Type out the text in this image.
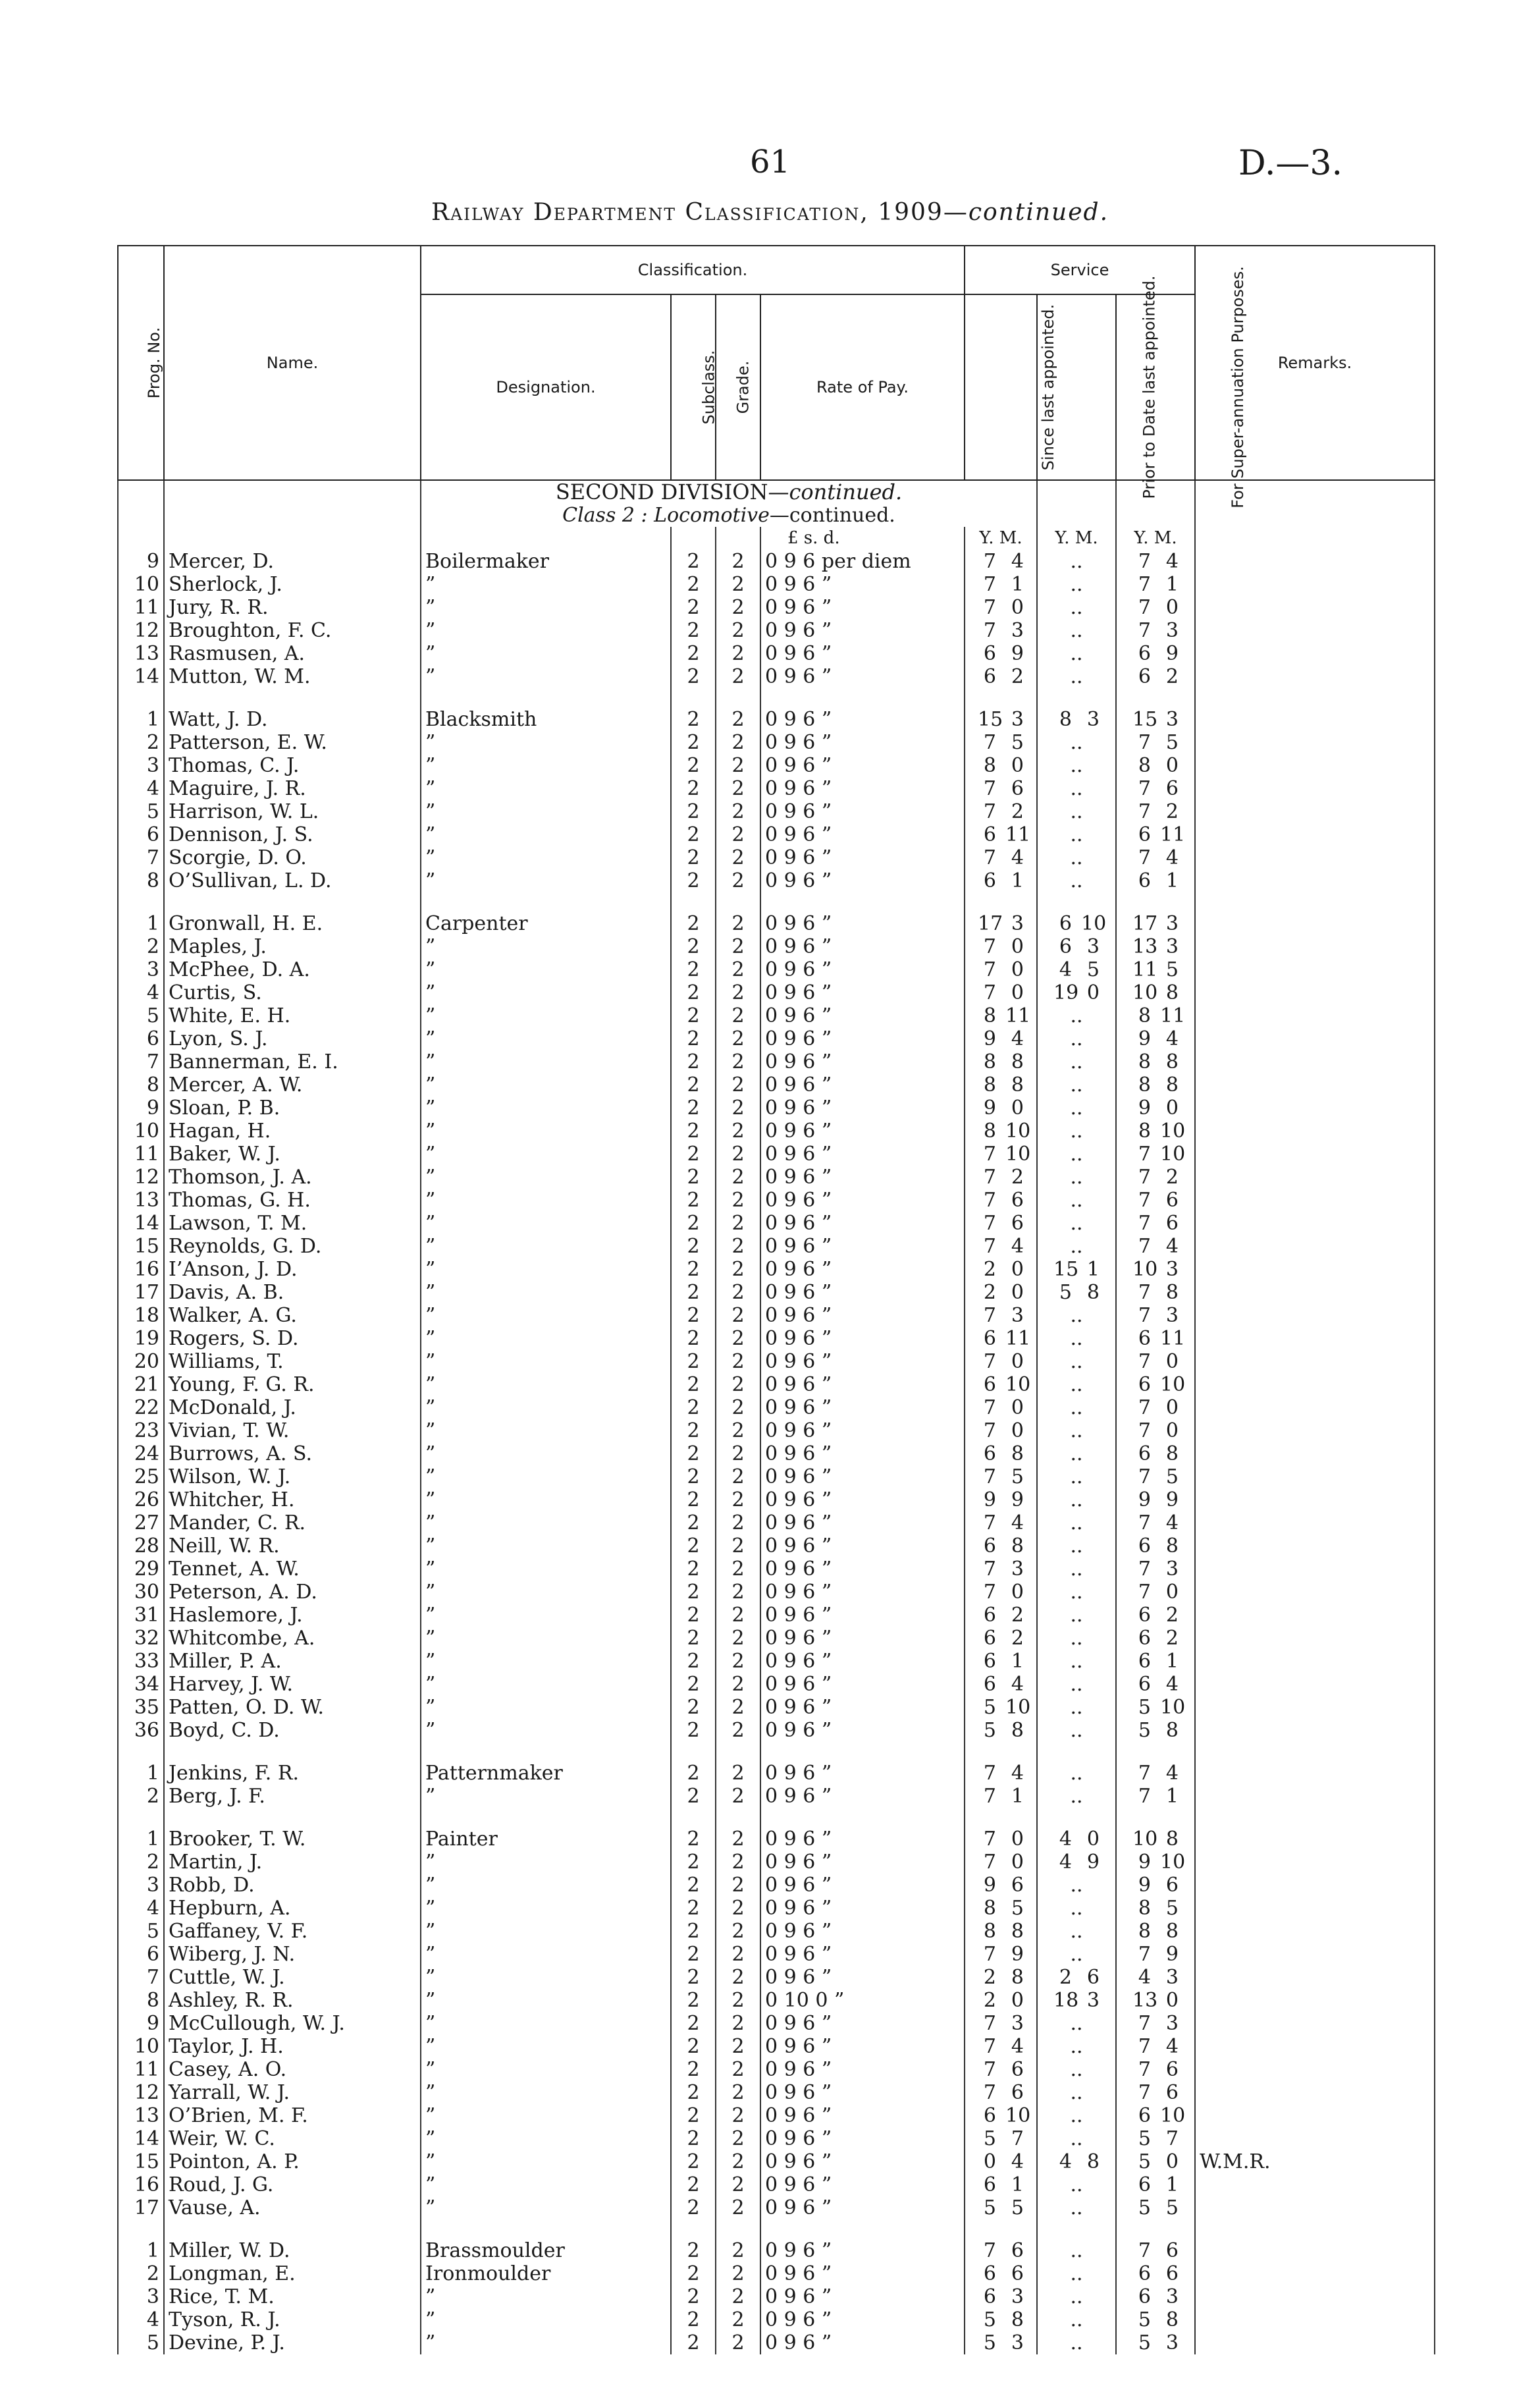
61	D.—3.
Railway Department Classification, 1909—continued.
Prog. No.	Name.	Classification.				Service			Remarks.
		Designation.	Subclass.	Grade.	Rate of Pay.	Since last appointed.	Prior to Date last appointed.	For Super-annuation Purposes.	
		SECOND DIVISION—continued.							
		Class 2 : Locomotive—continued.							
					£ s. d.	Y. M.	Y. M.	Y. M.	
9	Mercer, D.	Boilermaker	2	2	0 9 6 per diem	7 4	..	7 4	
10	Sherlock, J.	”	2	2	0 9 6 ”	7 1	..	7 1	
11	Jury, R. R.	”	2	2	0 9 6 ”	7 0	..	7 0	
12	Broughton, F. C.	”	2	2	0 9 6 ”	7 3	..	7 3	
13	Rasmusen, A.	”	2	2	0 9 6 ”	6 9	..	6 9	
14	Mutton, W. M.	”	2	2	0 9 6 ”	6 2	..	6 2	

1	Watt, J. D.	Blacksmith	2	2	0 9 6 ”	15 3	8 3	15 3	
2	Patterson, E. W.	”	2	2	0 9 6 ”	7 5	..	7 5	
3	Thomas, C. J.	”	2	2	0 9 6 ”	8 0	..	8 0	
4	Maguire, J. R.	”	2	2	0 9 6 ”	7 6	..	7 6	
5	Harrison, W. L.	”	2	2	0 9 6 ”	7 2	..	7 2	
6	Dennison, J. S.	”	2	2	0 9 6 ”	6 11	..	6 11	
7	Scorgie, D. O.	”	2	2	0 9 6 ”	7 4	..	7 4	
8	O’Sullivan, L. D.	”	2	2	0 9 6 ”	6 1	..	6 1	

1	Gronwall, H. E.	Carpenter	2	2	0 9 6 ”	17 3	6 10	17 3	
2	Maples, J.	”	2	2	0 9 6 ”	7 0	6 3	13 3	
3	McPhee, D. A.	”	2	2	0 9 6 ”	7 0	4 5	11 5	
4	Curtis, S.	”	2	2	0 9 6 ”	7 0	19 0	10 8	
5	White, E. H.	”	2	2	0 9 6 ”	8 11	..	8 11	
6	Lyon, S. J.	”	2	2	0 9 6 ”	9 4	..	9 4	
7	Bannerman, E. I.	”	2	2	0 9 6 ”	8 8	..	8 8	
8	Mercer, A. W.	”	2	2	0 9 6 ”	8 8	..	8 8	
9	Sloan, P. B.	”	2	2	0 9 6 ”	9 0	..	9 0	
10	Hagan, H.	”	2	2	0 9 6 ”	8 10	..	8 10	
11	Baker, W. J.	”	2	2	0 9 6 ”	7 10	..	7 10	
12	Thomson, J. A.	”	2	2	0 9 6 ”	7 2	..	7 2	
13	Thomas, G. H.	”	2	2	0 9 6 ”	7 6	..	7 6	
14	Lawson, T. M.	”	2	2	0 9 6 ”	7 6	..	7 6	
15	Reynolds, G. D.	”	2	2	0 9 6 ”	7 4	..	7 4	
16	I’Anson, J. D.	”	2	2	0 9 6 ”	2 0	15 1	10 3	
17	Davis, A. B.	”	2	2	0 9 6 ”	2 0	5 8	7 8	
18	Walker, A. G.	”	2	2	0 9 6 ”	7 3	..	7 3	
19	Rogers, S. D.	”	2	2	0 9 6 ”	6 11	..	6 11	
20	Williams, T.	”	2	2	0 9 6 ”	7 0	..	7 0	
21	Young, F. G. R.	”	2	2	0 9 6 ”	6 10	..	6 10	
22	McDonald, J.	”	2	2	0 9 6 ”	7 0	..	7 0	
23	Vivian, T. W.	”	2	2	0 9 6 ”	7 0	..	7 0	
24	Burrows, A. S.	”	2	2	0 9 6 ”	6 8	..	6 8	
25	Wilson, W. J.	”	2	2	0 9 6 ”	7 5	..	7 5	
26	Whitcher, H.	”	2	2	0 9 6 ”	9 9	..	9 9	
27	Mander, C. R.	”	2	2	0 9 6 ”	7 4	..	7 4	
28	Neill, W. R.	”	2	2	0 9 6 ”	6 8	..	6 8	
29	Tennet, A. W.	”	2	2	0 9 6 ”	7 3	..	7 3	
30	Peterson, A. D.	”	2	2	0 9 6 ”	7 0	..	7 0	
31	Haslemore, J.	”	2	2	0 9 6 ”	6 2	..	6 2	
32	Whitcombe, A.	”	2	2	0 9 6 ”	6 2	..	6 2	
33	Miller, P. A.	”	2	2	0 9 6 ”	6 1	..	6 1	
34	Harvey, J. W.	”	2	2	0 9 6 ”	6 4	..	6 4	
35	Patten, O. D. W.	”	2	2	0 9 6 ”	5 10	..	5 10	
36	Boyd, C. D.	”	2	2	0 9 6 ”	5 8	..	5 8	

1	Jenkins, F. R.	Patternmaker	2	2	0 9 6 ”	7 4	..	7 4	
2	Berg, J. F.	”	2	2	0 9 6 ”	7 1	..	7 1	

1	Brooker, T. W.	Painter	2	2	0 9 6 ”	7 0	4 0	10 8	
2	Martin, J.	”	2	2	0 9 6 ”	7 0	4 9	9 10	
3	Robb, D.	”	2	2	0 9 6 ”	9 6	..	9 6	
4	Hepburn, A.	”	2	2	0 9 6 ”	8 5	..	8 5	
5	Gaffaney, V. F.	”	2	2	0 9 6 ”	8 8	..	8 8	
6	Wiberg, J. N.	”	2	2	0 9 6 ”	7 9	..	7 9	
7	Cuttle, W. J.	”	2	2	0 9 6 ”	2 8	2 6	4 3	
8	Ashley, R. R.	”	2	2	0 10 0 ”	2 0	18 3	13 0	
9	McCullough, W. J.	”	2	2	0 9 6 ”	7 3	..	7 3	
10	Taylor, J. H.	”	2	2	0 9 6 ”	7 4	..	7 4	
11	Casey, A. O.	”	2	2	0 9 6 ”	7 6	..	7 6	
12	Yarrall, W. J.	”	2	2	0 9 6 ”	7 6	..	7 6	
13	O’Brien, M. F.	”	2	2	0 9 6 ”	6 10	..	6 10	
14	Weir, W. C.	”	2	2	0 9 6 ”	5 7	..	5 7	
15	Pointon, A. P.	”	2	2	0 9 6 ”	0 4	4 8	5 0	W.M.R.
16	Roud, J. G.	”	2	2	0 9 6 ”	6 1	..	6 1	
17	Vause, A.	”	2	2	0 9 6 ”	5 5	..	5 5	

1	Miller, W. D.	Brassmoulder	2	2	0 9 6 ”	7 6	..	7 6	
2	Longman, E.	Ironmoulder	2	2	0 9 6 ”	6 6	..	6 6	
3	Rice, T. M.	”	2	2	0 9 6 ”	6 3	..	6 3	
4	Tyson, R. J.	”	2	2	0 9 6 ”	5 8	..	5 8	
5	Devine, P. J.	”	2	2	0 9 6 ”	5 3	..	5 3	
